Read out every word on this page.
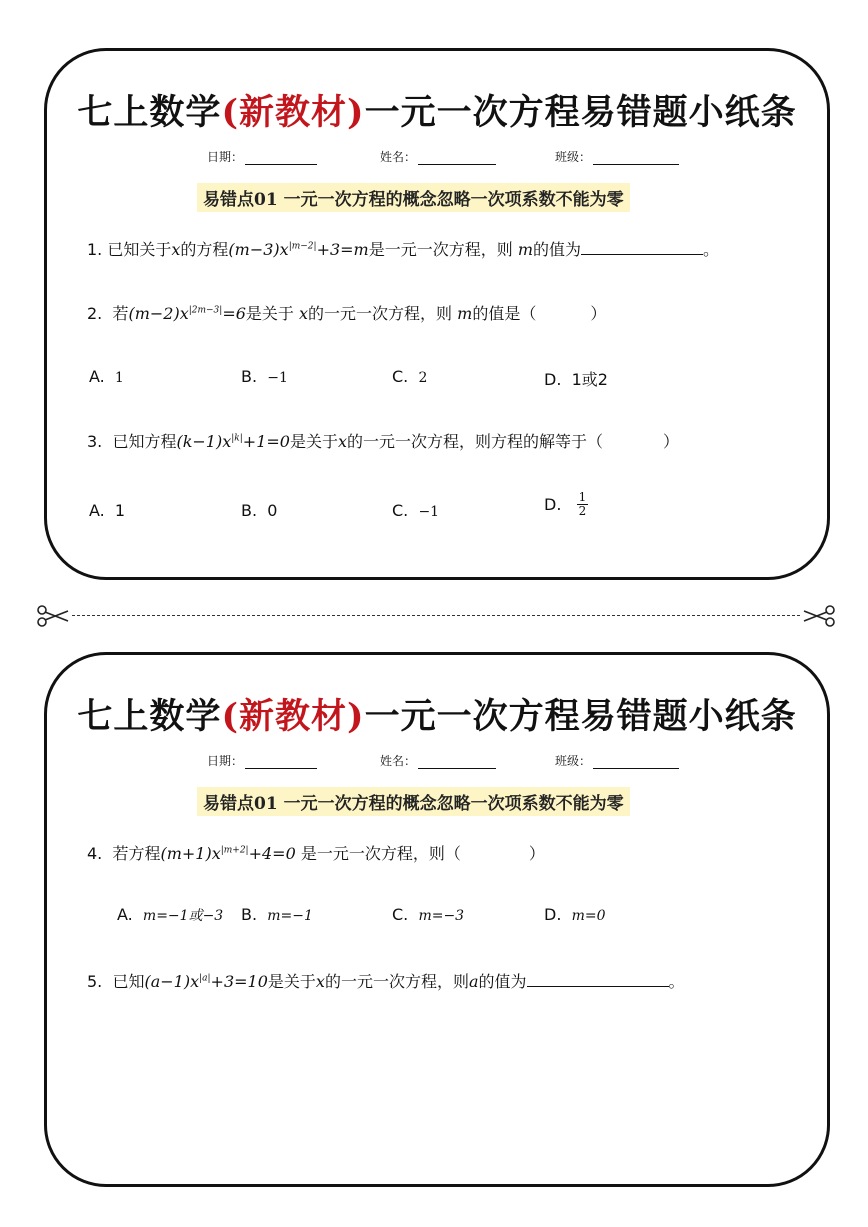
七上数学(新教材)一元一次方程易错题小纸条
日期：	姓名：	班级：
易错点01 一元一次方程的概念忽略一次项系数不能为零
1. 已知关于x的方程$(m-3)x^{|m-2|}+3=m$是一元一次方程，则 m的值为	。
2. 若$(m-2)x^{|2m-3|}=6$是关于 x的一元一次方程，则 m的值是（	）
A. 1	B. −1	C. 2	D. 1或2
3. 已知方程$(k-1)x^{|k|}+1=0$是关于x的一元一次方程，则方程的解等于（	）
A. 1	B. 0	C. −1	D. $\frac{1}{2}$
七上数学(新教材)一元一次方程易错题小纸条
日期：	姓名：	班级：
易错点01 一元一次方程的概念忽略一次项系数不能为零
4. 若方程$(m+1)x^{|m+2|}+4=0$ 是一元一次方程，则（	）
A. m=−1或−3 B. m=−1	C. m=−3	D. m=0
5. 已知$(a-1)x^{|a|}+3=10$是关于x的一元一次方程，则a的值为	。
